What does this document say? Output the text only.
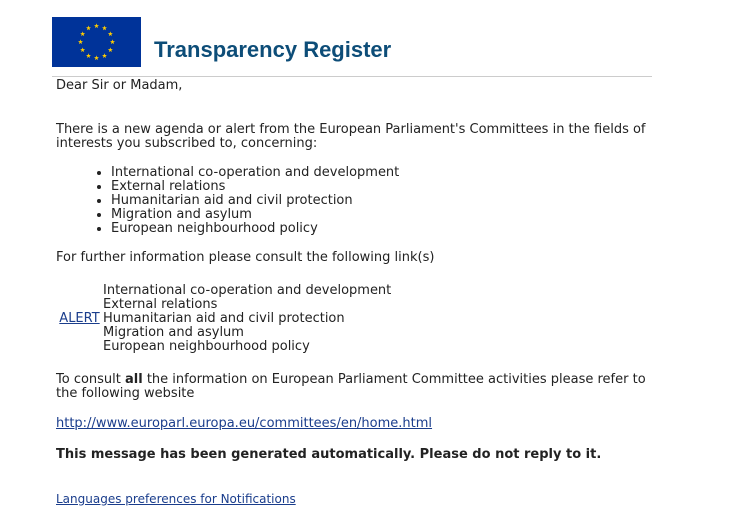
Transparency Register

Dear Sir or Madam,

There is a new agenda or alert from the European Parliament's Committees in the fields of interests you subscribed to, concerning:

• International co-operation and development
• External relations
• Humanitarian aid and civil protection
• Migration and asylum
• European neighbourhood policy

For further information please consult the following link(s)

ALERT	International co-operation and development
External relations
Humanitarian aid and civil protection
Migration and asylum
European neighbourhood policy

To consult all the information on European Parliament Committee activities please refer to the following website

http://www.europarl.europa.eu/committees/en/home.html

This message has been generated automatically. Please do not reply to it.

Languages preferences for Notifications
